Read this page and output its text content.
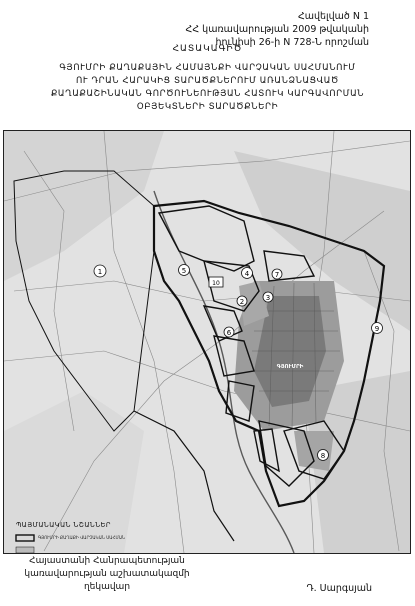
Հավելված N 1
ՀՀ կառավարության 2009 թվականի
հունիսի 26-ի N 728-Ն որոշման
ՀԱՏԱԿԱԳԻԾ
ԳՅՈՒՄՐԻ ՔԱՂԱՔԱՅԻՆ ՀԱՄԱՅՆՔԻ ՎԱՐՉԱԿԱՆ ՍԱՀՄԱՆՈՒՄ
ՈՒ ԴՐԱՆ ՀԱՐԱԿԻՑ ՏԱՐԱԾՔՆԵՐՈՒՄ ԱՌԱՆՁՆԱՑՎԱԾ
ՔԱՂԱՔԱՇԻՆԱԿԱՆ ԳՈՐԾՈՒՆԵՈՒԹՅԱՆ ՀԱՏՈՒԿ ԿԱՐԳԱՎՈՐՄԱՆ
ՕԲՅԵԿՏՆԵՐԻ ՏԱՐԱԾՔՆԵՐԻ
1
2	3
4
5
6
7
8
9
10
ԳՅՈՒՄՐԻ
ՊԱՅՄԱՆԱԿԱՆ ՆՇԱՆՆԵՐ
ԳՅՈՒՄՐԻ ՔԱՂԱՔԻ ՎԱՐՉԱԿԱՆ ՍԱՀՄԱՆ
Հայաստանի Հանրապետության
կառավարության աշխատակազմի
ղեկավար	Դ. Սարգսյան
